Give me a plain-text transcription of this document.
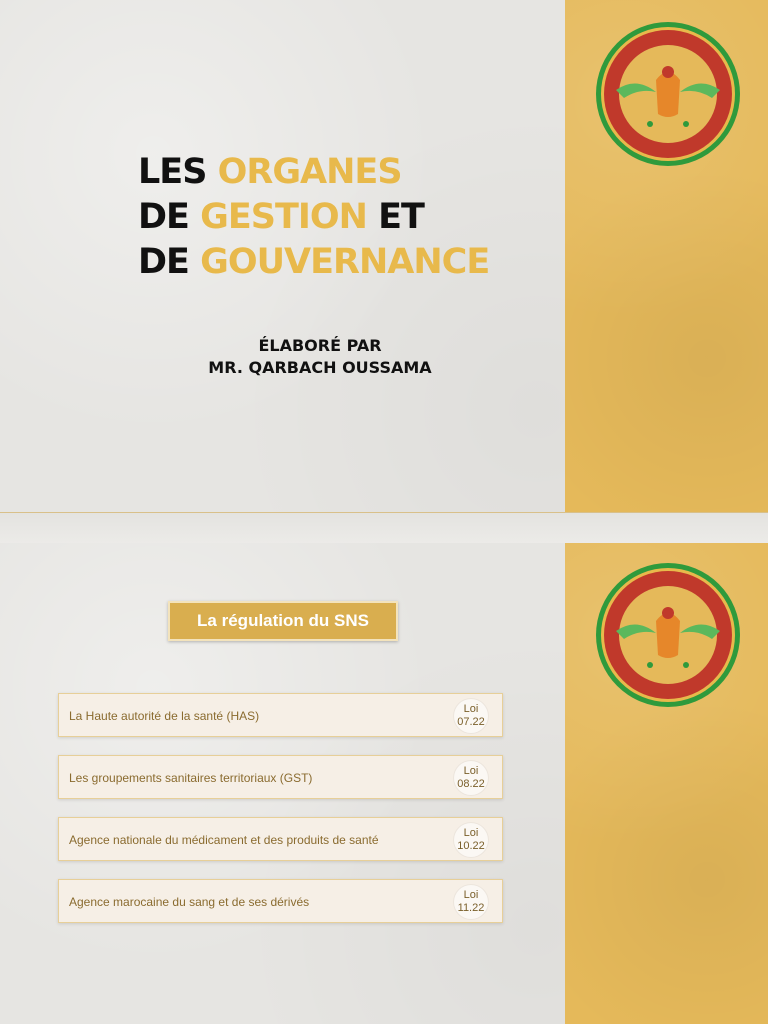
LES ORGANES
DE GESTION ET
DE GOUVERNANCE
ÉLABORÉ PAR
MR. QARBACH OUSSAMA
La régulation du SNS
La Haute autorité de la santé (HAS)	Loi
07.22
Les groupements sanitaires territoriaux (GST)	Loi
08.22
Agence nationale du médicament et des produits de santé	Loi
10.22
Agence marocaine du sang et de ses dérivés	Loi
11.22
